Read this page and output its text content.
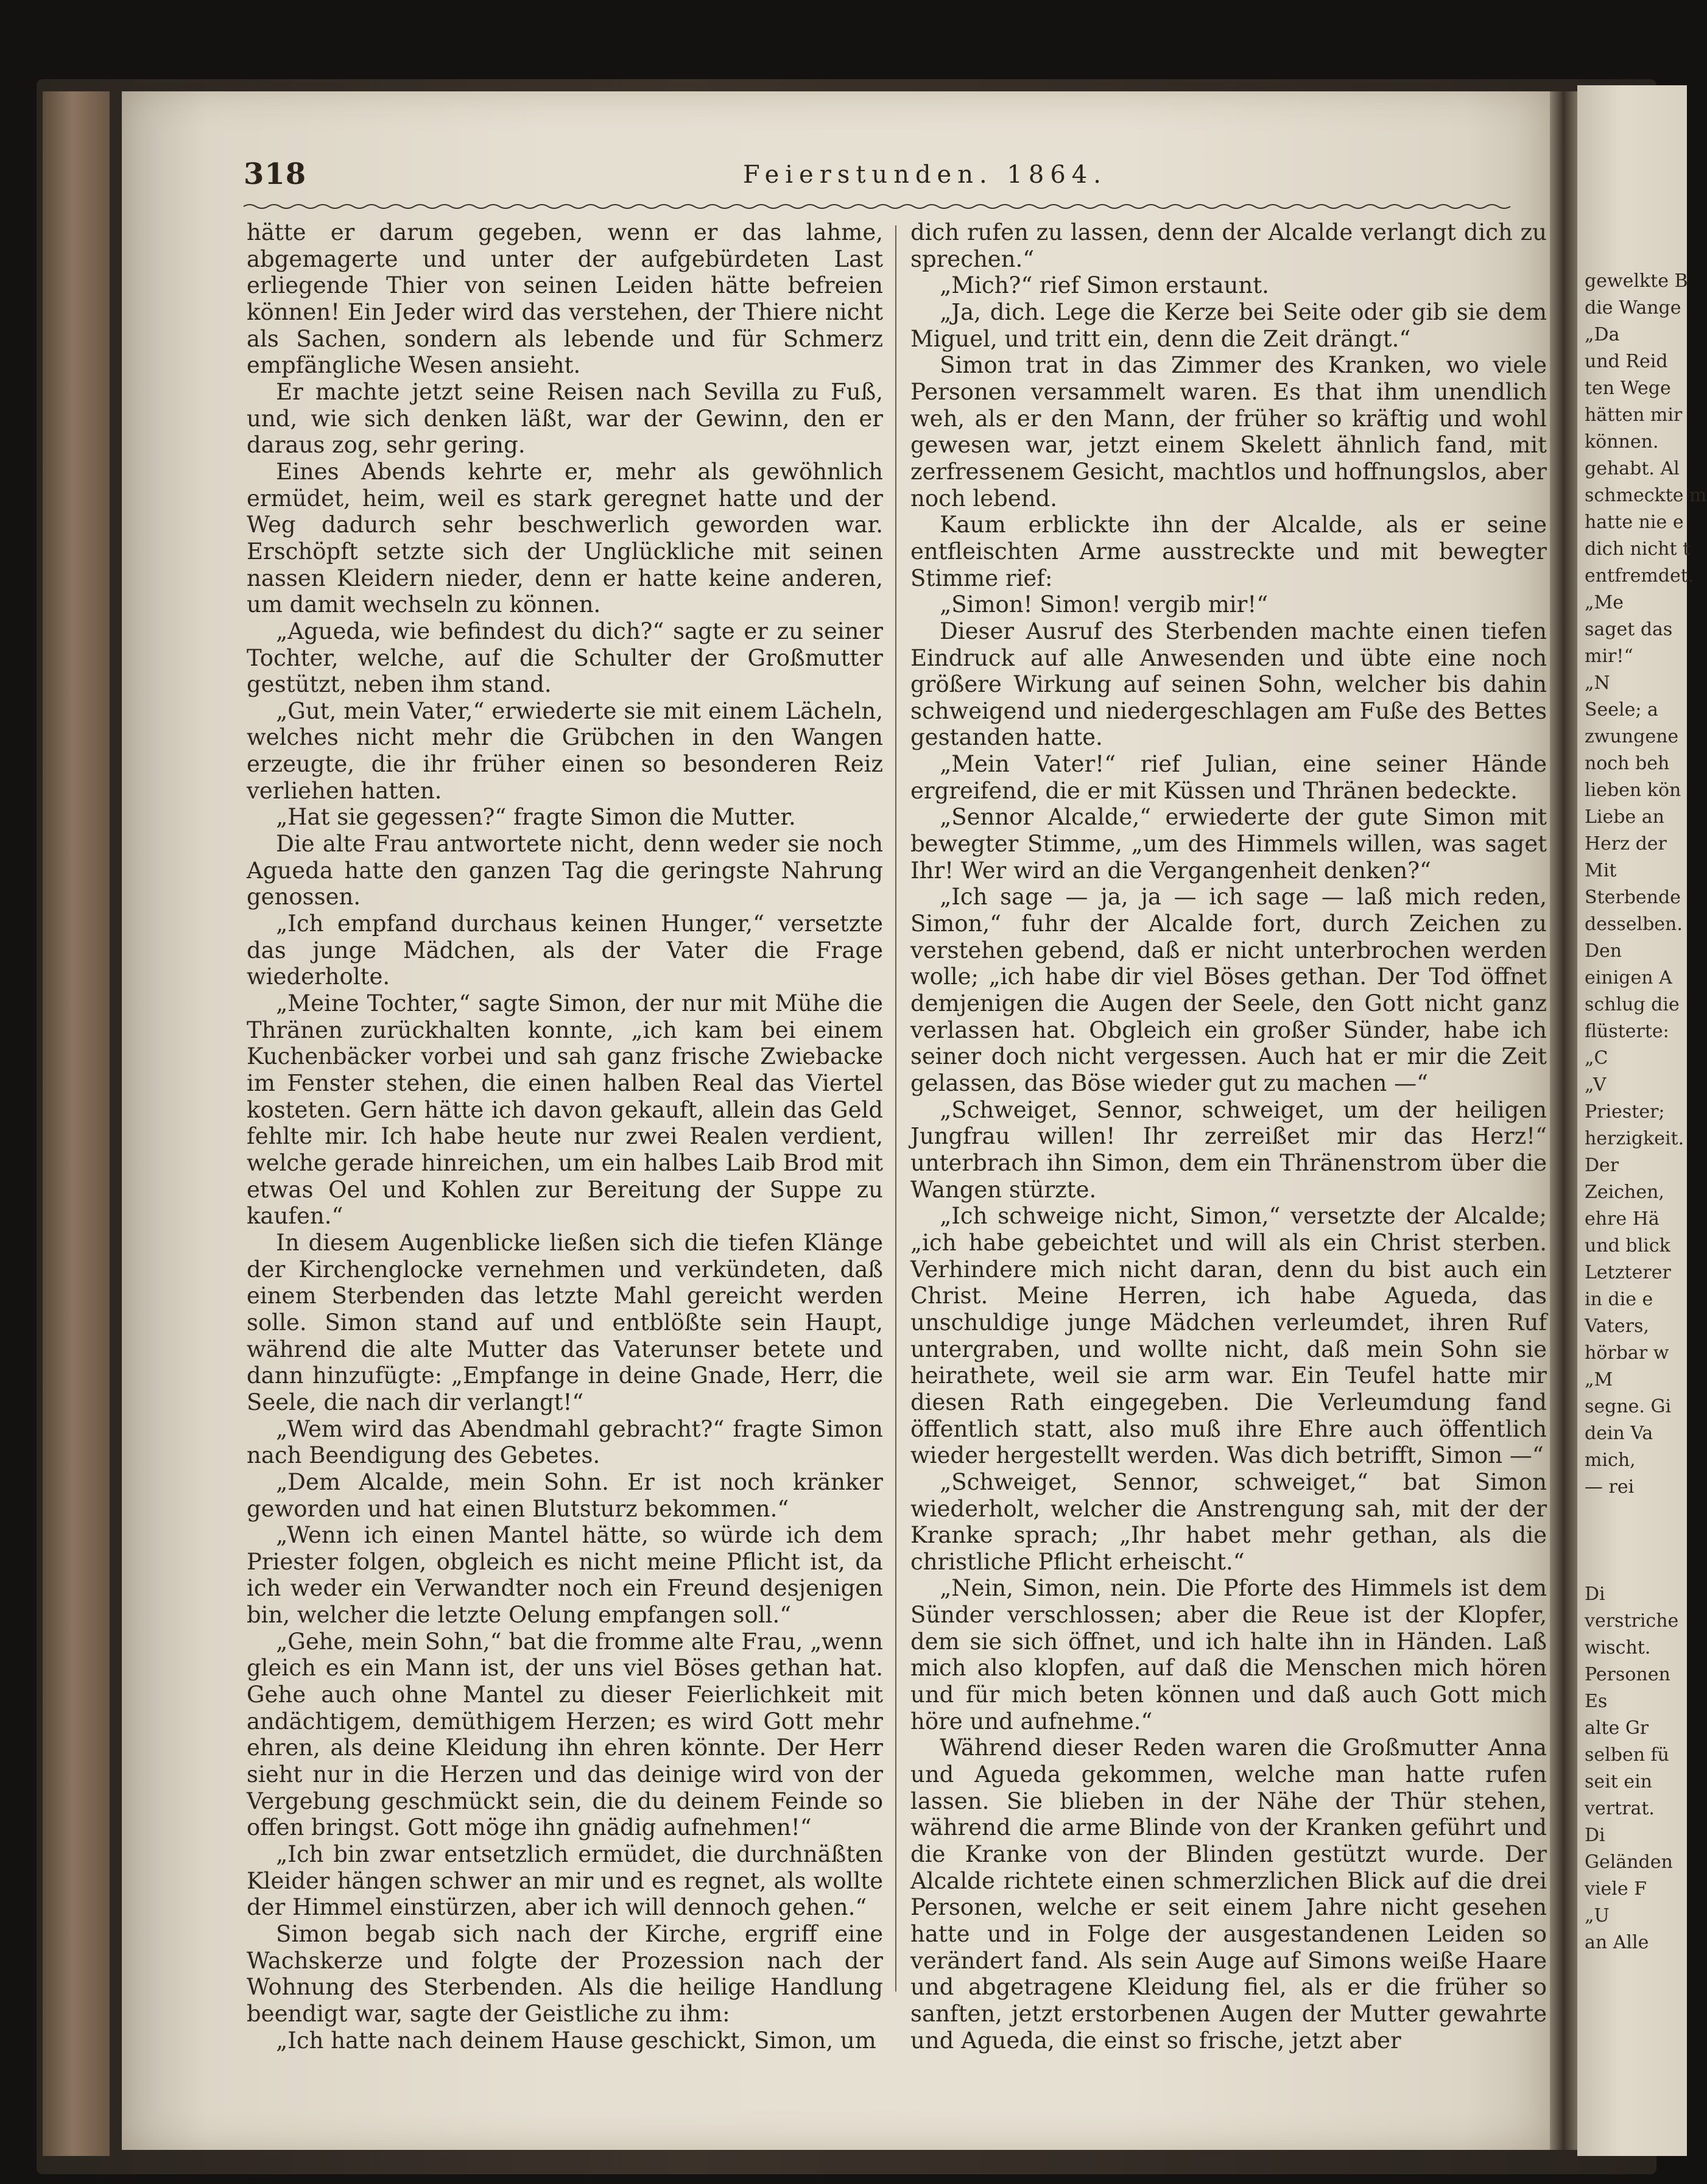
318	Feierstunden. 1864.

hätte er darum gegeben, wenn er das lahme, abgemagerte und unter der aufgebürdeten Last erliegende Thier von seinen Leiden hätte befreien können! Ein Jeder wird das verstehen, der Thiere nicht als Sachen, sondern als lebende und für Schmerz empfängliche Wesen ansieht.

Er machte jetzt seine Reisen nach Sevilla zu Fuß, und, wie sich denken läßt, war der Gewinn, den er daraus zog, sehr gering.

Eines Abends kehrte er, mehr als gewöhnlich ermüdet, heim, weil es stark geregnet hatte und der Weg dadurch sehr beschwerlich geworden war. Erschöpft setzte sich der Unglückliche mit seinen nassen Kleidern nieder, denn er hatte keine anderen, um damit wechseln zu können.

„Agueda, wie befindest du dich?“ sagte er zu seiner Tochter, welche, auf die Schulter der Großmutter gestützt, neben ihm stand.

„Gut, mein Vater,“ erwiederte sie mit einem Lächeln, welches nicht mehr die Grübchen in den Wangen erzeugte, die ihr früher einen so besonderen Reiz verliehen hatten.

„Hat sie gegessen?“ fragte Simon die Mutter.

Die alte Frau antwortete nicht, denn weder sie noch Agueda hatte den ganzen Tag die geringste Nahrung genossen.

„Ich empfand durchaus keinen Hunger,“ versetzte das junge Mädchen, als der Vater die Frage wiederholte.

„Meine Tochter,“ sagte Simon, der nur mit Mühe die Thränen zurückhalten konnte, „ich kam bei einem Kuchenbäcker vorbei und sah ganz frische Zwiebacke im Fenster stehen, die einen halben Real das Viertel kosteten. Gern hätte ich davon gekauft, allein das Geld fehlte mir. Ich habe heute nur zwei Realen verdient, welche gerade hinreichen, um ein halbes Laib Brod mit etwas Oel und Kohlen zur Bereitung der Suppe zu kaufen.“

In diesem Augenblicke ließen sich die tiefen Klänge der Kirchenglocke vernehmen und verkündeten, daß einem Sterbenden das letzte Mahl gereicht werden solle. Simon stand auf und entblößte sein Haupt, während die alte Mutter das Vaterunser betete und dann hinzufügte: „Empfange in deine Gnade, Herr, die Seele, die nach dir verlangt!“

„Wem wird das Abendmahl gebracht?“ fragte Simon nach Beendigung des Gebetes.

„Dem Alcalde, mein Sohn. Er ist noch kränker geworden und hat einen Blutsturz bekommen.“

„Wenn ich einen Mantel hätte, so würde ich dem Priester folgen, obgleich es nicht meine Pflicht ist, da ich weder ein Verwandter noch ein Freund desjenigen bin, welcher die letzte Oelung empfangen soll.“

„Gehe, mein Sohn,“ bat die fromme alte Frau, „wenn gleich es ein Mann ist, der uns viel Böses gethan hat. Gehe auch ohne Mantel zu dieser Feierlichkeit mit andächtigem, demüthigem Herzen; es wird Gott mehr ehren, als deine Kleidung ihn ehren könnte. Der Herr sieht nur in die Herzen und das deinige wird von der Vergebung geschmückt sein, die du deinem Feinde so offen bringst. Gott möge ihn gnädig aufnehmen!“

„Ich bin zwar entsetzlich ermüdet, die durchnäßten Kleider hängen schwer an mir und es regnet, als wollte der Himmel einstürzen, aber ich will dennoch gehen.“

Simon begab sich nach der Kirche, ergriff eine Wachskerze und folgte der Prozession nach der Wohnung des Sterbenden. Als die heilige Handlung beendigt war, sagte der Geistliche zu ihm:

„Ich hatte nach deinem Hause geschickt, Simon, um

dich rufen zu lassen, denn der Alcalde verlangt dich zu sprechen.“

„Mich?“ rief Simon erstaunt.

„Ja, dich. Lege die Kerze bei Seite oder gib sie dem Miguel, und tritt ein, denn die Zeit drängt.“

Simon trat in das Zimmer des Kranken, wo viele Personen versammelt waren. Es that ihm unendlich weh, als er den Mann, der früher so kräftig und wohl gewesen war, jetzt einem Skelett ähnlich fand, mit zerfressenem Gesicht, machtlos und hoffnungslos, aber noch lebend.

Kaum erblickte ihn der Alcalde, als er seine entfleischten Arme ausstreckte und mit bewegter Stimme rief:

„Simon! Simon! vergib mir!“

Dieser Ausruf des Sterbenden machte einen tiefen Eindruck auf alle Anwesenden und übte eine noch größere Wirkung auf seinen Sohn, welcher bis dahin schweigend und niedergeschlagen am Fuße des Bettes gestanden hatte.

„Mein Vater!“ rief Julian, eine seiner Hände ergreifend, die er mit Küssen und Thränen bedeckte.

„Sennor Alcalde,“ erwiederte der gute Simon mit bewegter Stimme, „um des Himmels willen, was saget Ihr! Wer wird an die Vergangenheit denken?“

„Ich sage — ja, ja — ich sage — laß mich reden, Simon,“ fuhr der Alcalde fort, durch Zeichen zu verstehen gebend, daß er nicht unterbrochen werden wolle; „ich habe dir viel Böses gethan. Der Tod öffnet demjenigen die Augen der Seele, den Gott nicht ganz verlassen hat. Obgleich ein großer Sünder, habe ich seiner doch nicht vergessen. Auch hat er mir die Zeit gelassen, das Böse wieder gut zu machen —“

„Schweiget, Sennor, schweiget, um der heiligen Jungfrau willen! Ihr zerreißet mir das Herz!“ unterbrach ihn Simon, dem ein Thränenstrom über die Wangen stürzte.

„Ich schweige nicht, Simon,“ versetzte der Alcalde; „ich habe gebeichtet und will als ein Christ sterben. Verhindere mich nicht daran, denn du bist auch ein Christ. Meine Herren, ich habe Agueda, das unschuldige junge Mädchen verleumdet, ihren Ruf untergraben, und wollte nicht, daß mein Sohn sie heirathete, weil sie arm war. Ein Teufel hatte mir diesen Rath eingegeben. Die Verleumdung fand öffentlich statt, also muß ihre Ehre auch öffentlich wieder hergestellt werden. Was dich betrifft, Simon —“

„Schweiget, Sennor, schweiget,“ bat Simon wiederholt, welcher die Anstrengung sah, mit der der Kranke sprach; „Ihr habet mehr gethan, als die christliche Pflicht erheischt.“

„Nein, Simon, nein. Die Pforte des Himmels ist dem Sünder verschlossen; aber die Reue ist der Klopfer, dem sie sich öffnet, und ich halte ihn in Händen. Laß mich also klopfen, auf daß die Menschen mich hören und für mich beten können und daß auch Gott mich höre und aufnehme.“

Während dieser Reden waren die Großmutter Anna und Agueda gekommen, welche man hatte rufen lassen. Sie blieben in der Nähe der Thür stehen, während die arme Blinde von der Kranken geführt und die Kranke von der Blinden gestützt wurde. Der Alcalde richtete einen schmerzlichen Blick auf die drei Personen, welche er seit einem Jahre nicht gesehen hatte und in Folge der ausgestandenen Leiden so verändert fand. Als sein Auge auf Simons weiße Haare und abgetragene Kleidung fiel, als er die früher so sanften, jetzt erstorbenen Augen der Mutter gewahrte und Agueda, die einst so frische, jetzt aber

gewelkte B
die Wange
„Da
und Reid
ten Wege
hätten mir
können.
gehabt. Al
schmeckte m
hatte nie e
dich nicht t
entfremdet.
„Me
saget das
mir!“
„N
Seele; a
zwungene
noch beh
lieben kön
Liebe an
Herz der
Mit
Sterbende
desselben.
Den
einigen A
schlug die
flüsterte:
„C
„V
Priester;
herzigkeit.
Der
Zeichen,
ehre Hä
und blick
Letzterer
in die e
Vaters,
hörbar w
„M
segne. Gi
dein Va
mich,
— rei
Di
verstriche
wischt.
Personen
Es
alte Gr
selben fü
seit ein
vertrat.
Di
Geländen
viele F
„U
an Alle
